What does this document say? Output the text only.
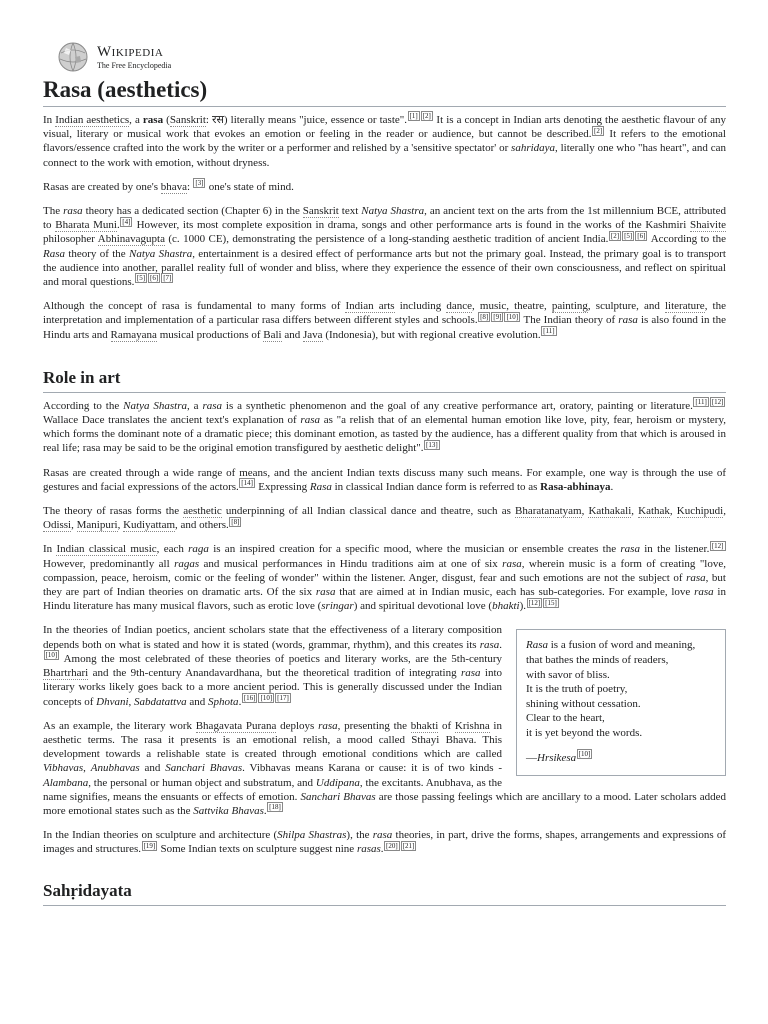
Wikipedia
The Free Encyclopedia
Rasa (aesthetics)

In Indian aesthetics, a rasa (Sanskrit: रस) literally means "juice, essence or taste". [1] [2] It is a concept in Indian arts denoting the aesthetic flavour of any visual, literary or musical work that evokes an emotion or feeling in the reader or audience, but cannot be described. [2] It refers to the emotional flavors/essence crafted into the work by the writer or a performer and relished by a 'sensitive spectator' or sahridaya, literally one who "has heart", and can connect to the work with emotion, without dryness.

Rasas are created by one's bhava: [3] one's state of mind.

The rasa theory has a dedicated section (Chapter 6) in the Sanskrit text Natya Shastra, an ancient text on the arts from the 1st millennium BCE, attributed to Bharata Muni. [4] However, its most complete exposition in drama, songs and other performance arts is found in the works of the Kashmiri Shaivite philosopher Abhinavagupta (c. 1000 CE), demonstrating the persistence of a long-standing aesthetic tradition of ancient India. [2] [5] [6] According to the Rasa theory of the Natya Shastra, entertainment is a desired effect of performance arts but not the primary goal. Instead, the primary goal is to transport the audience into another, parallel reality full of wonder and bliss, where they experience the essence of their own consciousness, and reflect on spiritual and moral questions. [5] [6] [7]

Although the concept of rasa is fundamental to many forms of Indian arts including dance, music, theatre, painting, sculpture, and literature, the interpretation and implementation of a particular rasa differs between different styles and schools. [8] [9] [10] The Indian theory of rasa is also found in the Hindu arts and Ramayana musical productions of Bali and Java (Indonesia), but with regional creative evolution. [11]

Role in art

According to the Natya Shastra, a rasa is a synthetic phenomenon and the goal of any creative performance art, oratory, painting or literature. [11] [12] Wallace Dace translates the ancient text's explanation of rasa as "a relish that of an elemental human emotion like love, pity, fear, heroism or mystery, which forms the dominant note of a dramatic piece; this dominant emotion, as tasted by the audience, has a different quality from that which is aroused in real life; rasa may be said to be the original emotion transfigured by aesthetic delight". [13]

Rasas are created through a wide range of means, and the ancient Indian texts discuss many such means. For example, one way is through the use of gestures and facial expressions of the actors. [14] Expressing Rasa in classical Indian dance form is referred to as Rasa-abhinaya.

The theory of rasas forms the aesthetic underpinning of all Indian classical dance and theatre, such as Bharatanatyam, Kathakali, Kathak, Kuchipudi, Odissi, Manipuri, Kudiyattam, and others. [8]

In Indian classical music, each raga is an inspired creation for a specific mood, where the musician or ensemble creates the rasa in the listener. [12] However, predominantly all ragas and musical performances in Hindu traditions aim at one of six rasa, wherein music is a form of creating "love, compassion, peace, heroism, comic or the feeling of wonder" within the listener. Anger, disgust, fear and such emotions are not the subject of rasa, but they are part of Indian theories on dramatic arts. Of the six rasa that are aimed at in Indian music, each has sub-categories. For example, love rasa in Hindu literature has many musical flavors, such as erotic love (sringar) and spiritual devotional love (bhakti). [12] [15]

Rasa is a fusion of word and meaning,
that bathes the minds of readers,
with savor of bliss.
It is the truth of poetry,
shining without cessation.
Clear to the heart,
it is yet beyond the words.
—Hrsikesa [10]

In the theories of Indian poetics, ancient scholars state that the effectiveness of a literary composition depends both on what is stated and how it is stated (words, grammar, rhythm), and this creates its rasa.[10] Among the most celebrated of these theories of poetics and literary works, are the 5th-century Bhartrhari and the 9th-century Anandavardhana, but the theoretical tradition of integrating rasa into literary works likely goes back to a more ancient period. This is generally discussed under the Indian concepts of Dhvani, Sabdatattva and Sphota. [16] [10] [17]

As an example, the literary work Bhagavata Purana deploys rasa, presenting the bhakti of Krishna in aesthetic terms. The rasa it presents is an emotional relish, a mood called Sthayi Bhava. This development towards a relishable state is created through emotional conditions which are called Vibhavas, Anubhavas and Sanchari Bhavas. Vibhavas means Karana or cause: it is of two kinds - Alambana, the personal or human object and substratum, and Uddipana, the excitants. Anubhava, as the name signifies, means the ensuants or effects of emotion. Sanchari Bhavas are those passing feelings which are ancillary to a mood. Later scholars added more emotional states such as the Sattvika Bhavas. [18]

In the Indian theories on sculpture and architecture (Shilpa Shastras), the rasa theories, in part, drive the forms, shapes, arrangements and expressions of images and structures. [19] Some Indian texts on sculpture suggest nine rasas. [20] [21]

Sahṛidayata
